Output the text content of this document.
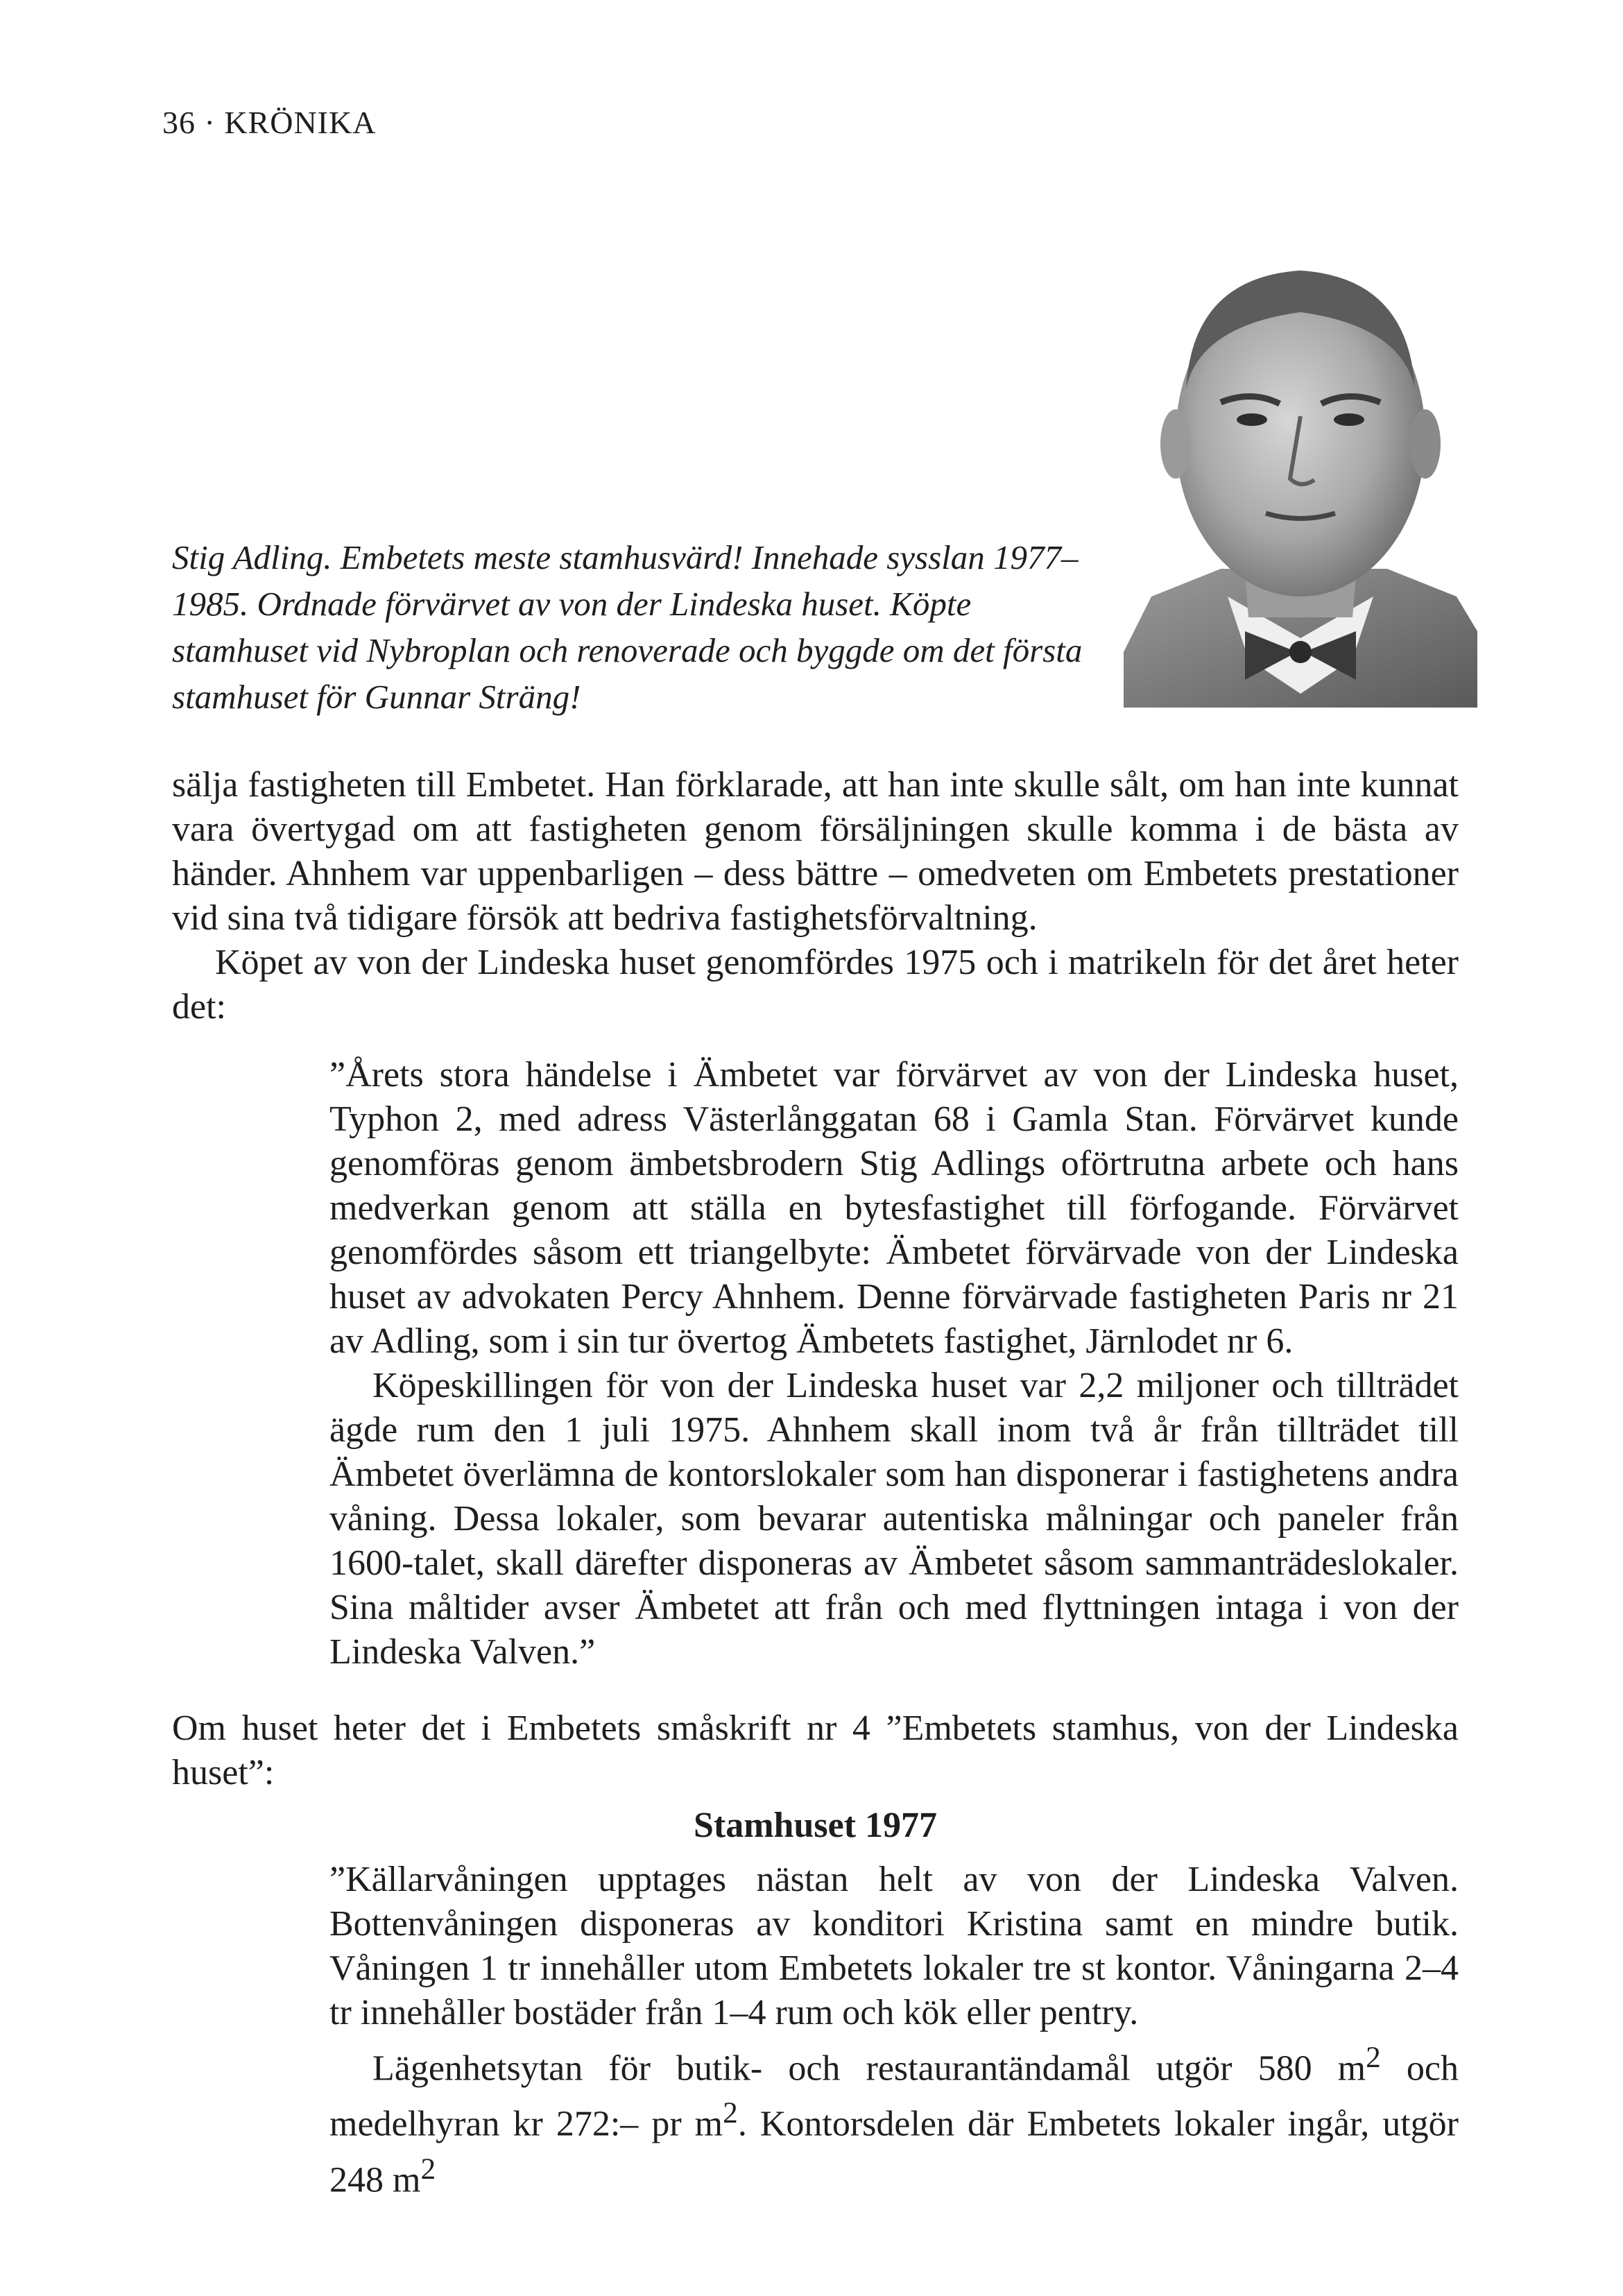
36 · KRÖNIKA
Stig Adling. Embetets meste stamhusvärd! Innehade sysslan 1977–1985. Ordnade förvärvet av von der Lindeska huset. Köpte stamhuset vid Nybroplan och renoverade och byggde om det första stamhuset för Gunnar Sträng!

sälja fastigheten till Embetet. Han förklarade, att han inte skulle sålt, om han inte kunnat vara övertygad om att fastigheten genom försäljningen skulle komma i de bästa av händer. Ahnhem var uppenbarligen – dess bättre – omedveten om Embetets prestationer vid sina två tidigare försök att bedriva fastighetsförvaltning.

Köpet av von der Lindeska huset genomfördes 1975 och i matrikeln för det året heter det:

”Årets stora händelse i Ämbetet var förvärvet av von der Lindeska huset, Typhon 2, med adress Västerlånggatan 68 i Gamla Stan. Förvärvet kunde genomföras genom ämbetsbrodern Stig Adlings oförtrutna arbete och hans medverkan genom att ställa en bytesfastighet till förfogande. Förvärvet genomfördes såsom ett triangelbyte: Ämbetet förvärvade von der Lindeska huset av advokaten Percy Ahnhem. Denne förvärvade fastigheten Paris nr 21 av Adling, som i sin tur övertog Ämbetets fastighet, Järnlodet nr 6.

Köpeskillingen för von der Lindeska huset var 2,2 miljoner och tillträdet ägde rum den 1 juli 1975. Ahnhem skall inom två år från tillträdet till Ämbetet överlämna de kontorslokaler som han disponerar i fastighetens andra våning. Dessa lokaler, som bevarar autentiska målningar och paneler från 1600-talet, skall därefter disponeras av Ämbetet såsom sammanträdeslokaler. Sina måltider avser Ämbetet att från och med flyttningen intaga i von der Lindeska Valven.”

Om huset heter det i Embetets småskrift nr 4 ”Embetets stamhus, von der Lindeska huset”:

Stamhuset 1977

”Källarvåningen upptages nästan helt av von der Lindeska Valven. Bottenvåningen disponeras av konditori Kristina samt en mindre butik. Våningen 1 tr innehåller utom Embetets lokaler tre st kontor. Våningarna 2–4 tr innehåller bostäder från 1–4 rum och kök eller pentry.

Lägenhetsytan för butik- och restaurantändamål utgör 580 $m^2$ och medelhyran kr 272:– pr $m^2$. Kontorsdelen där Embetets lokaler ingår, utgör 248 $m^2$
